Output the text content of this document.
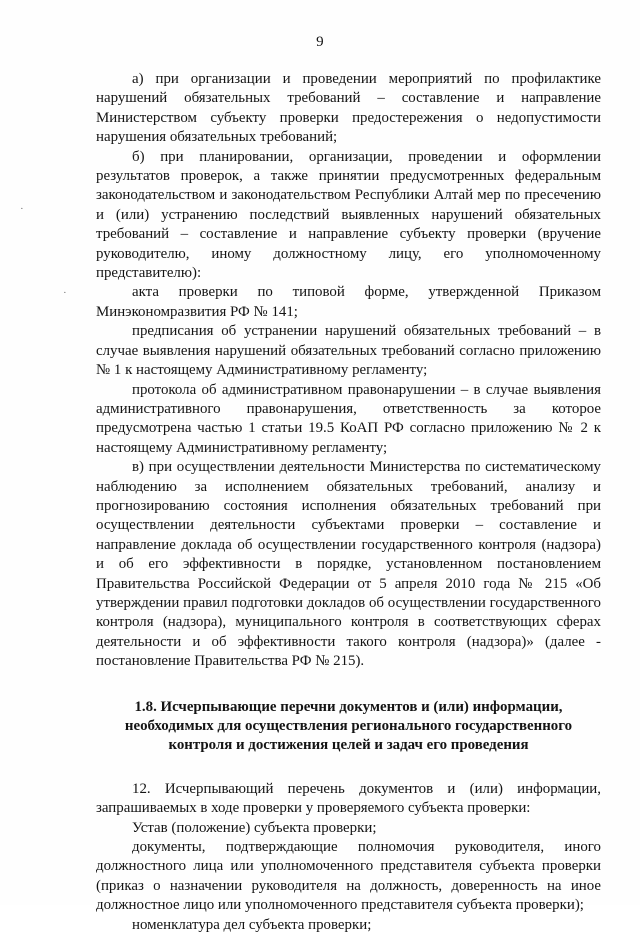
9

а) при организации и проведении мероприятий по профилактике нарушений обязательных требований – составление и направление Министерством субъекту проверки предостережения о недопустимости нарушения обязательных требований;

б) при планировании, организации, проведении и оформлении результатов проверок, а также принятии предусмотренных федеральным законодательством и законодательством Республики Алтай мер по пресечению и (или) устранению последствий выявленных нарушений обязательных требований – составление и направление субъекту проверки (вручение руководителю, иному должностному лицу, его уполномоченному представителю):

акта проверки по типовой форме, утвержденной Приказом Минэкономразвития РФ № 141;

предписания об устранении нарушений обязательных требований – в случае выявления нарушений обязательных требований согласно приложению № 1 к настоящему Административному регламенту;

протокола об административном правонарушении – в случае выявления административного правонарушения, ответственность за которое предусмотрена частью 1 статьи 19.5 КоАП РФ согласно приложению № 2 к настоящему Административному регламенту;

в) при осуществлении деятельности Министерства по систематическому наблюдению за исполнением обязательных требований, анализу и прогнозированию состояния исполнения обязательных требований при осуществлении деятельности субъектами проверки – составление и направление доклада об осуществлении государственного контроля (надзора) и об его эффективности в порядке, установленном постановлением Правительства Российской Федерации от 5 апреля 2010 года № 215 «Об утверждении правил подготовки докладов об осуществлении государственного контроля (надзора), муниципального контроля в соответствующих сферах деятельности и об эффективности такого контроля (надзора)» (далее - постановление Правительства РФ № 215).

1.8. Исчерпывающие перечни документов и (или) информации, необходимых для осуществления регионального государственного контроля и достижения целей и задач его проведения

12. Исчерпывающий перечень документов и (или) информации, запрашиваемых в ходе проверки у проверяемого субъекта проверки:

Устав (положение) субъекта проверки;

документы, подтверждающие полномочия руководителя, иного должностного лица или уполномоченного представителя субъекта проверки (приказ о назначении руководителя на должность, доверенность на иное должностное лицо или уполномоченного представителя субъекта проверки);

номенклатура дел субъекта проверки;

·
·
